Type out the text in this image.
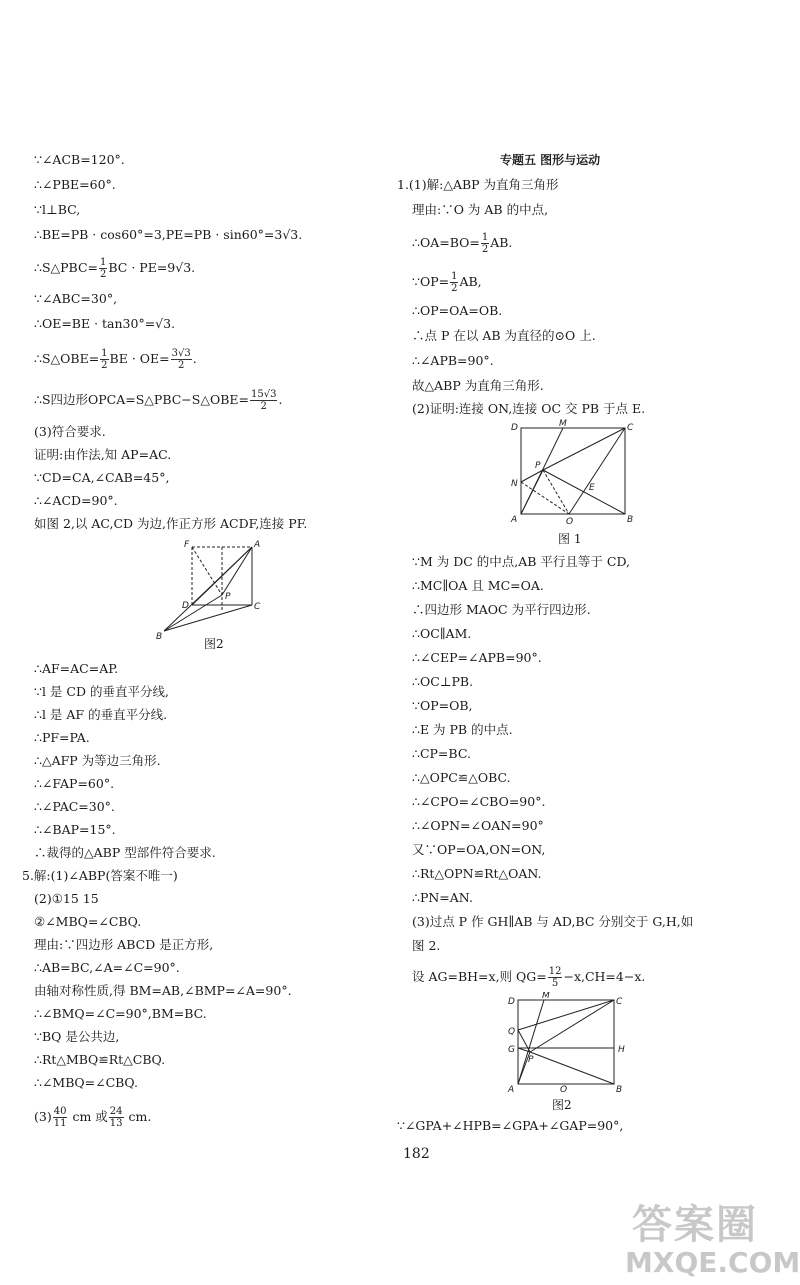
∵∠ACB=120°.
∴∠PBE=60°.
∵l⊥BC,
∴BE=PB · cos60°=3,PE=PB · sin60°=3√3.
∴S△PBC= $\frac{1}{2}$ BC · PE=9√3.
∵∠ABC=30°,
∴OE=BE · tan30°=√3.
∴S△OBE= $\frac{1}{2}$ BE · $OE= \frac{3√3}{2}$ .
∴S四边形OPCA=S△PBC−S△OBE= $\frac{15√3}{2}$ .
(3)符合要求.
证明:由作法,知 AP=AC.
∵CD=CA,∠CAB=45°,
∴∠ACD=90°.
如图 2,以 AC,CD 为边,作正方形 ACDF,连接 PF.
F	A
D
P
C
B	图2
∴AF=AC=AP.
∵l 是 CD 的垂直平分线,
∴l 是 AF 的垂直平分线.
∴PF=PA.
∴△AFP 为等边三角形.
∴∠FAP=60°.
∴∠PAC=30°.
∴∠BAP=15°.
∴裁得的△ABP 型部件符合要求.
5.解:(1)∠ABP(答案不唯一)
(2)①15 15
②∠MBQ=∠CBQ.
理由:∵四边形 ABCD 是正方形,
∴AB=BC,∠A=∠C=90°.
由轴对称性质,得 BM=AB,∠BMP=∠A=90°.
∴∠BMQ=∠C=90°,BM=BC.
∵BQ 是公共边,
∴Rt△MBQ≌Rt△CBQ.
∴∠MBQ=∠CBQ.
$(3) \frac{40}{11}$ cm 或 $\frac{24}{13}$ cm.
专题五 图形与运动
1.(1)解:△ABP 为直角三角形
理由:∵O 为 AB 的中点,
∴OA=BO= $\frac{1}{2}$ AB.
∵OP= $\frac{1}{2}$ AB,
∴OP=OA=OB.
∴点 P 在以 AB 为直径的⊙O 上.
∴∠APB=90°.
故△ABP 为直角三角形.
(2)证明:连接 ON,连接 OC 交 PB 于点 E.
D	M	C
P
N	E
A	O	B
图 1
∵M 为 DC 的中点,AB 平行且等于 CD,
∴MC∥OA 且 MC=OA.
∴四边形 MAOC 为平行四边形.
∴OC∥AM.
∴∠CEP=∠APB=90°.
∴OC⊥PB.
∵OP=OB,
∴E 为 PB 的中点.
∴CP=BC.
∴△OPC≌△OBC.
∴∠CPO=∠CBO=90°.
∴∠OPN=∠OAN=90°
又∵OP=OA,ON=ON,
∴Rt△OPN≌Rt△OAN.
∴PN=AN.
(3)过点 P 作 GH∥AB 与 AD,BC 分别交于 G,H,如
图 2.
设 AG=BH=x,则 $QG= \frac{12}{5} -x,CH=4-x$.
D
M
C
Q
G	H
P
A	O	B
图2
∵∠GPA+∠HPB=∠GPA+∠GAP=90°,
182
答案圈
MXQE.COM
